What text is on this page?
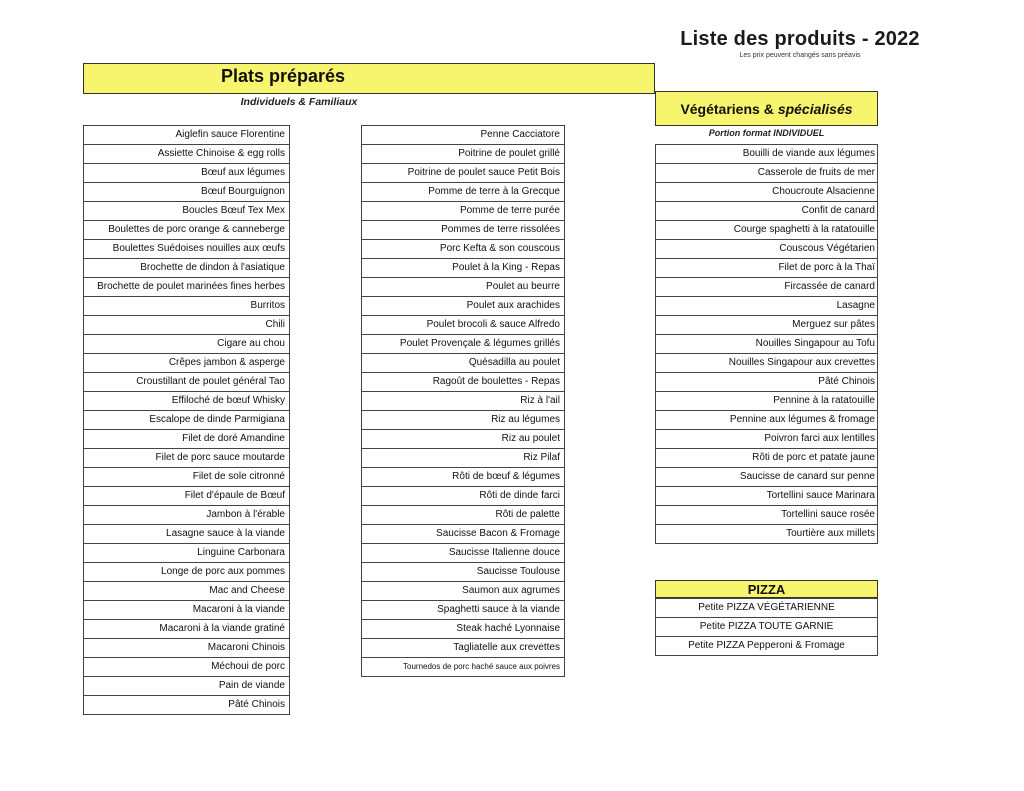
Liste des produits - 2022
Les prix peuvent changés sans préavis
Plats préparés
Individuels & Familiaux	Végétariens & spécialisés
Portion format INDIVIDUEL
Aiglefin sauce Florentine
Assiette Chinoise & egg rolls
Bœuf aux légumes
Bœuf Bourguignon
Boucles Bœuf Tex Mex
Boulettes de porc orange & canneberge
Boulettes Suédoises nouilles aux œufs
Brochette de dindon à l'asiatique
Brochette de poulet marinées fines herbes
Burritos
Chili
Cigare au chou
Crêpes jambon & asperge
Croustillant de poulet général Tao
Effiloché de bœuf Whisky
Escalope de dinde Parmigiana
Filet de doré Amandine
Filet de porc sauce moutarde
Filet de sole citronné
Filet d'épaule de Bœuf
Jambon à l'érable
Lasagne sauce à la viande
Linguine Carbonara
Longe de porc aux pommes
Mac and Cheese
Macaroni à la viande
Macaroni à la viande gratiné
Macaroni Chinois
Méchoui de porc
Pain de viande
Pâté Chinois
Penne Cacciatore
Poitrine de poulet grillé
Poitrine de poulet sauce Petit Bois
Pomme de terre à la Grecque
Pomme de terre purée
Pommes de terre rissolées
Porc Kefta & son couscous
Poulet à la King - Repas
Poulet au beurre
Poulet aux arachides
Poulet brocoli & sauce Alfredo
Poulet Provençale & légumes grillés
Quésadilla au poulet
Ragoût de boulettes - Repas
Riz à l'ail
Riz au légumes
Riz au poulet
Riz Pilaf
Rôti de bœuf & légumes
Rôti de dinde farci
Rôti de palette
Saucisse Bacon & Fromage
Saucisse Italienne douce
Saucisse Toulouse
Saumon aux agrumes
Spaghetti sauce à la viande
Steak haché Lyonnaise
Tagliatelle aux crevettes
Tournedos de porc haché sauce aux poivres
Bouilli de viande aux légumes
Casserole de fruits de mer
Choucroute Alsacienne
Confit de canard
Courge spaghetti à la ratatouille
Couscous Végétarien
Filet de porc à la Thaï
Fircassée de canard
Lasagne
Merguez sur pâtes
Nouilles Singapour au Tofu
Nouilles Singapour aux crevettes
Pâté Chinois
Pennine à la ratatouille
Pennine aux légumes & fromage
Poivron farci aux lentilles
Rôti de porc et patate jaune
Saucisse de canard sur penne
Tortellini sauce Marinara
Tortellini sauce rosée
Tourtière aux millets
PIZZA
Petite PIZZA VÉGÉTARIENNE
Petite PIZZA TOUTE GARNIE
Petite PIZZA Pepperoni & Fromage
